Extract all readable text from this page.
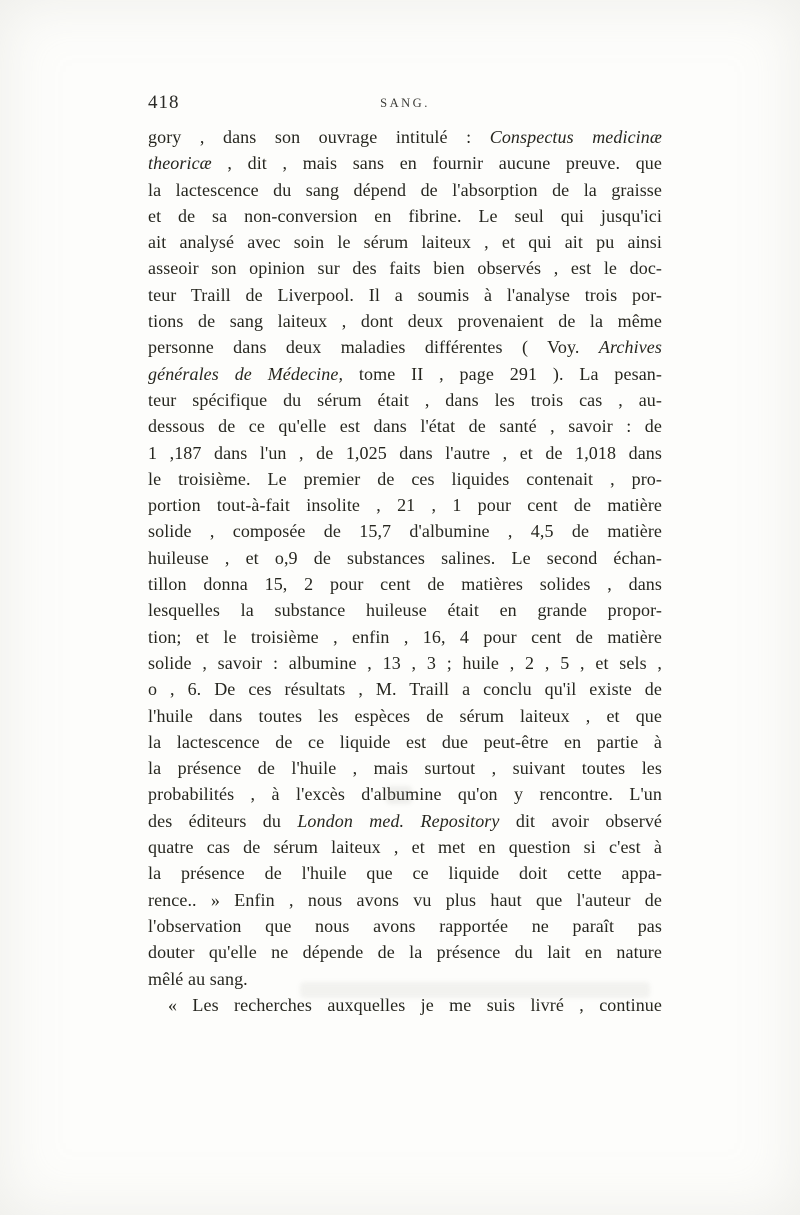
418	SANG.
gory , dans son ouvrage intitulé : Conspectus medicinæ
theoricæ , dit , mais sans en fournir aucune preuve. que
la lactescence du sang dépend de l'absorption de la graisse
et de sa non-conversion en fibrine. Le seul qui jusqu'ici
ait analysé avec soin le sérum laiteux , et qui ait pu ainsi
asseoir son opinion sur des faits bien observés , est le doc-
teur Traill de Liverpool. Il a soumis à l'analyse trois por-
tions de sang laiteux , dont deux provenaient de la même
personne dans deux maladies différentes ( Voy. Archives
générales de Médecine, tome II , page 291 ). La pesan-
teur spécifique du sérum était , dans les trois cas , au-
dessous de ce qu'elle est dans l'état de santé , savoir : de
1 ,187 dans l'un , de 1,025 dans l'autre , et de 1,018 dans
le troisième. Le premier de ces liquides contenait , pro-
portion tout-à-fait insolite , 21 , 1 pour cent de matière
solide , composée de 15,7 d'albumine , 4,5 de matière
huileuse , et o,9 de substances salines. Le second échan-
tillon donna 15, 2 pour cent de matières solides , dans
lesquelles la substance huileuse était en grande propor-
tion; et le troisième , enfin , 16, 4 pour cent de matière
solide , savoir : albumine , 13 , 3 ; huile , 2 , 5 , et sels ,
o , 6. De ces résultats , M. Traill a conclu qu'il existe de
l'huile dans toutes les espèces de sérum laiteux , et que
la lactescence de ce liquide est due peut-être en partie à
la présence de l'huile , mais surtout , suivant toutes les
probabilités , à l'excès d'albumine qu'on y rencontre. L'un
des éditeurs du London med. Repository dit avoir observé
quatre cas de sérum laiteux , et met en question si c'est à
la présence de l'huile que ce liquide doit cette appa-
rence.. » Enfin , nous avons vu plus haut que l'auteur de
l'observation que nous avons rapportée ne paraît pas
douter qu'elle ne dépende de la présence du lait en nature
mêlé au sang.
« Les recherches auxquelles je me suis livré , continue
